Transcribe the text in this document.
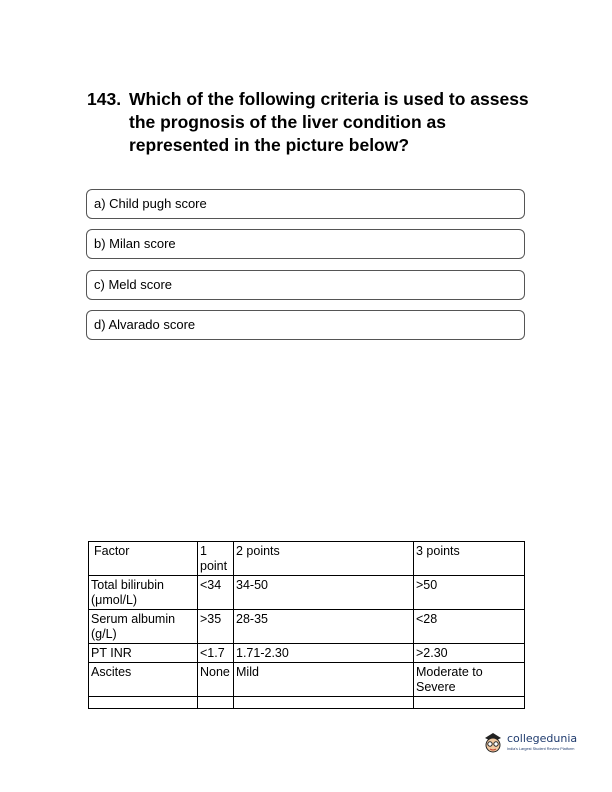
143. Which of the following criteria is used to assess the prognosis of the liver condition as represented in the picture below?
a) Child pugh score
b) Milan score
c) Meld score
d) Alvarado score
Factor	1 point	2 points	3 points
Total bilirubin (μmol/L)	<34	34-50	>50
Serum albumin (g/L)	>35	28-35	<28
PT INR	<1.7	1.71-2.30	>2.30
Ascites	None	Mild	Moderate to Severe

collegedunia
India's Largest Student Review Platform
